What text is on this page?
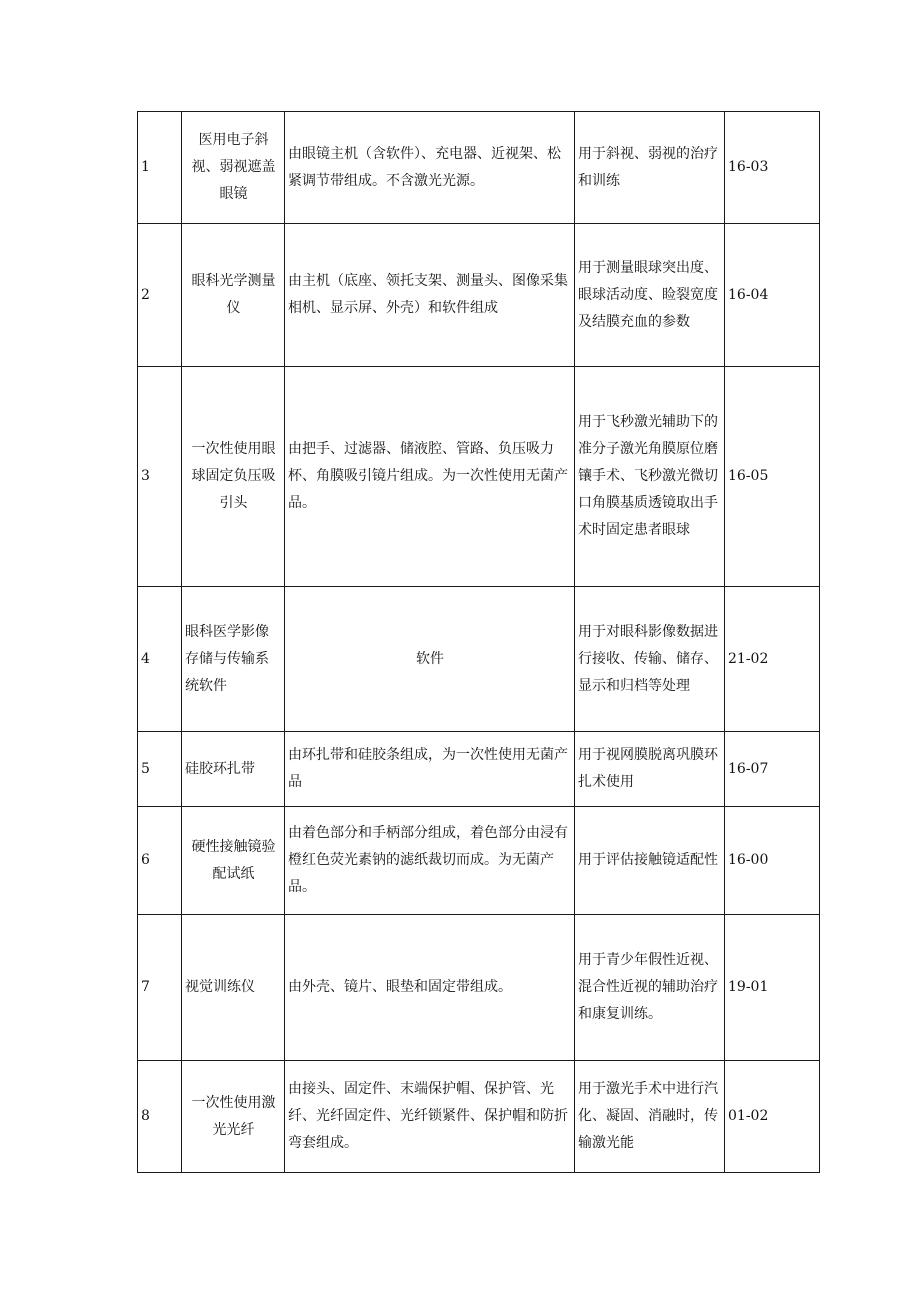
1	医用电子斜视、弱视遮盖眼镜	由眼镜主机（含软件）、充电器、近视架、松紧调节带组成。不含激光光源。	用于斜视、弱视的治疗和训练	16-03
2	眼科光学测量仪	由主机（底座、领托支架、测量头、图像采集相机、显示屏、外壳）和软件组成	用于测量眼球突出度、眼球活动度、睑裂宽度及结膜充血的参数	16-04
3	一次性使用眼球固定负压吸引头	由把手、过滤器、储液腔、管路、负压吸力杯、角膜吸引镜片组成。为一次性使用无菌产品。	用于飞秒激光辅助下的准分子激光角膜原位磨镶手术、飞秒激光微切口角膜基质透镜取出手术时固定患者眼球	16-05
4	眼科医学影像存储与传输系统软件	软件	用于对眼科影像数据进行接收、传输、储存、显示和归档等处理	21-02
5	硅胶环扎带	由环扎带和硅胶条组成，为一次性使用无菌产品	用于视网膜脱离巩膜环扎术使用	16-07
6	硬性接触镜验配试纸	由着色部分和手柄部分组成，着色部分由浸有橙红色荧光素钠的滤纸裁切而成。为无菌产品。	用于评估接触镜适配性	16-00
7	视觉训练仪	由外壳、镜片、眼垫和固定带组成。	用于青少年假性近视、混合性近视的辅助治疗和康复训练。	19-01
8	一次性使用激光光纤	由接头、固定件、末端保护帽、保护管、光纤、光纤固定件、光纤锁紧件、保护帽和防折弯套组成。	用于激光手术中进行汽化、凝固、消融时，传输激光能	01-02
